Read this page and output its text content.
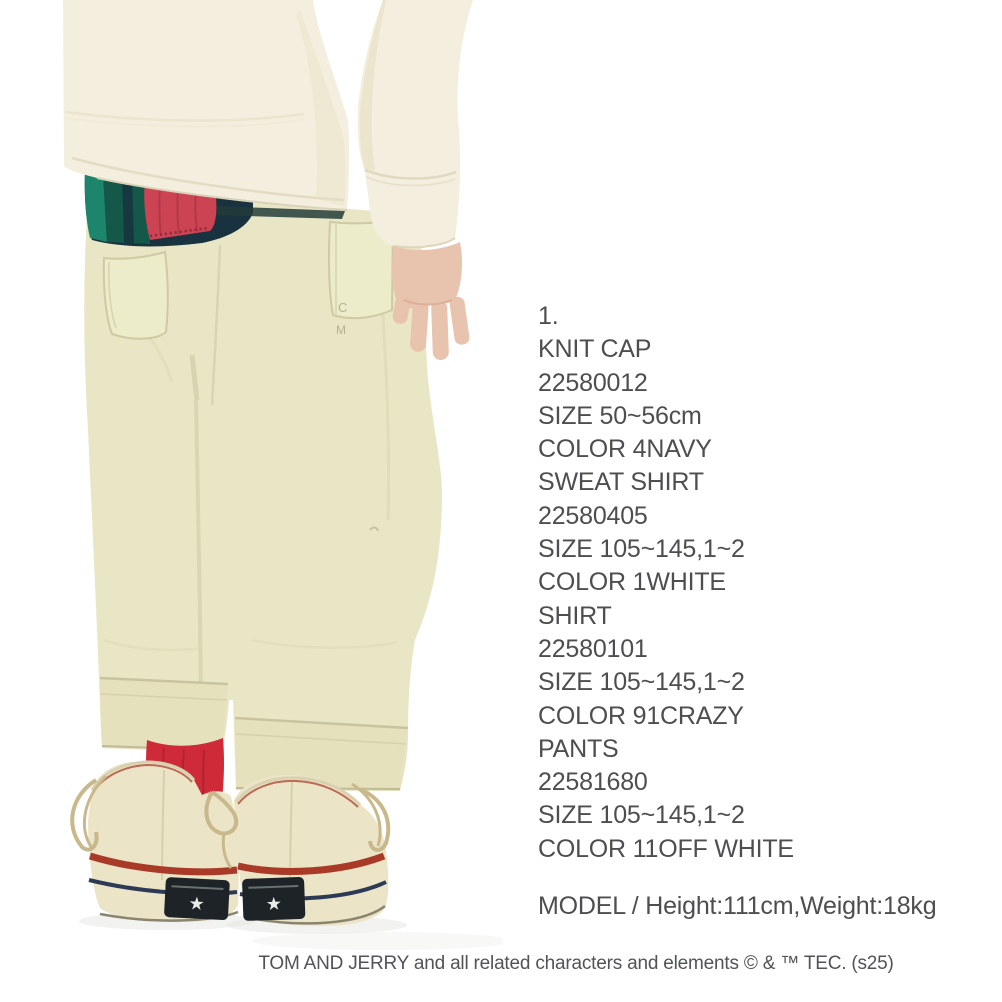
C
M
★	★
1.
KNIT CAP
22580012
SIZE 50~56cm
COLOR 4NAVY
SWEAT SHIRT
22580405
SIZE 105~145,1~2
COLOR 1WHITE
SHIRT
22580101
SIZE 105~145,1~2
COLOR 91CRAZY
PANTS
22581680
SIZE 105~145,1~2
COLOR 11OFF WHITE
MODEL / Height:111cm,Weight:18kg
TOM AND JERRY and all related characters and elements © & ™ TEC. (s25)
